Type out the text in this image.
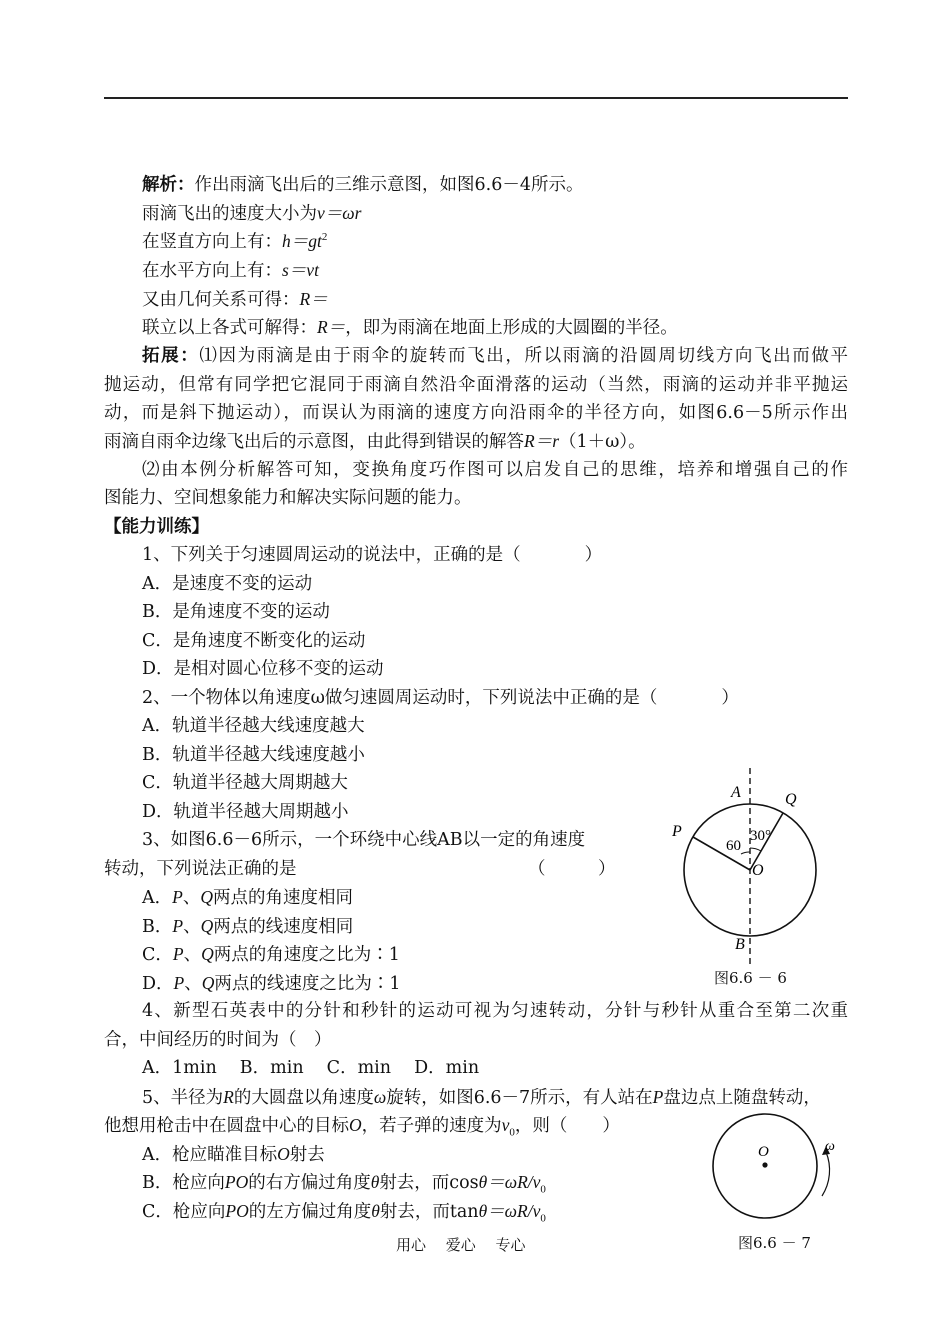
解析：作出雨滴飞出后的三维示意图，如图6.6－4所示。
雨滴飞出的速度大小为v＝ωr
在竖直方向上有：$h=gt^2$
在水平方向上有：s＝vt
又由几何关系可得：R＝
联立以上各式可解得：R＝，即为雨滴在地面上形成的大圆圈的半径。
拓展：⑴因为雨滴是由于雨伞的旋转而飞出，所以雨滴的沿圆周切线方向飞出而做平
抛运动，但常有同学把它混同于雨滴自然沿伞面滑落的运动（当然，雨滴的运动并非平抛运
动，而是斜下抛运动），而误认为雨滴的速度方向沿雨伞的半径方向，如图6.6－5所示作出
雨滴自雨伞边缘飞出后的示意图，由此得到错误的解答R＝r（1＋ω）。
⑵由本例分析解答可知，变换角度巧作图可以启发自己的思维，培养和增强自己的作
图能力、空间想象能力和解决实际问题的能力。
【能力训练】
1、下列关于匀速圆周运动的说法中，正确的是（	）
A．是速度不变的运动
B．是角速度不变的运动
C．是角速度不断变化的运动
D．是相对圆心位移不变的运动
2、一个物体以角速度ω做匀速圆周运动时，下列说法中正确的是（	）
A．轨道半径越大线速度越大
B．轨道半径越大线速度越小
C．轨道半径越大周期越大
D．轨道半径越大周期越小
3、如图6.6－6所示，一个环绕中心线AB以一定的角速度
转动，下列说法正确的是	（　　　）
A．P、Q两点的角速度相同
B．P、Q两点的线速度相同
C．P、Q两点的角速度之比为∶1
D．P、Q两点的线速度之比为∶1
A	Q
P
60
30°
O
B
图6.6 － 6
4、新型石英表中的分针和秒针的运动可视为匀速转动，分针与秒针从重合至第二次重
合，中间经历的时间为（　）
A．1min　 B．min　 C．min　 D．min
5、半径为R的大圆盘以角速度ω旋转，如图6.6－7所示，有人站在P盘边点上随盘转动，
他想用枪击中在圆盘中心的目标O，若子弹的速度为$v_0$，则（　　）
A．枪应瞄准目标O射去
B．枪应向PO的右方偏过角度θ射去，而$\cos\theta=\omega R/v_0$
C．枪应向PO的左方偏过角度θ射去，而$\tan\theta=\omega R/v_0$
O	ω
图6.6 － 7
用心　 爱心　 专心
